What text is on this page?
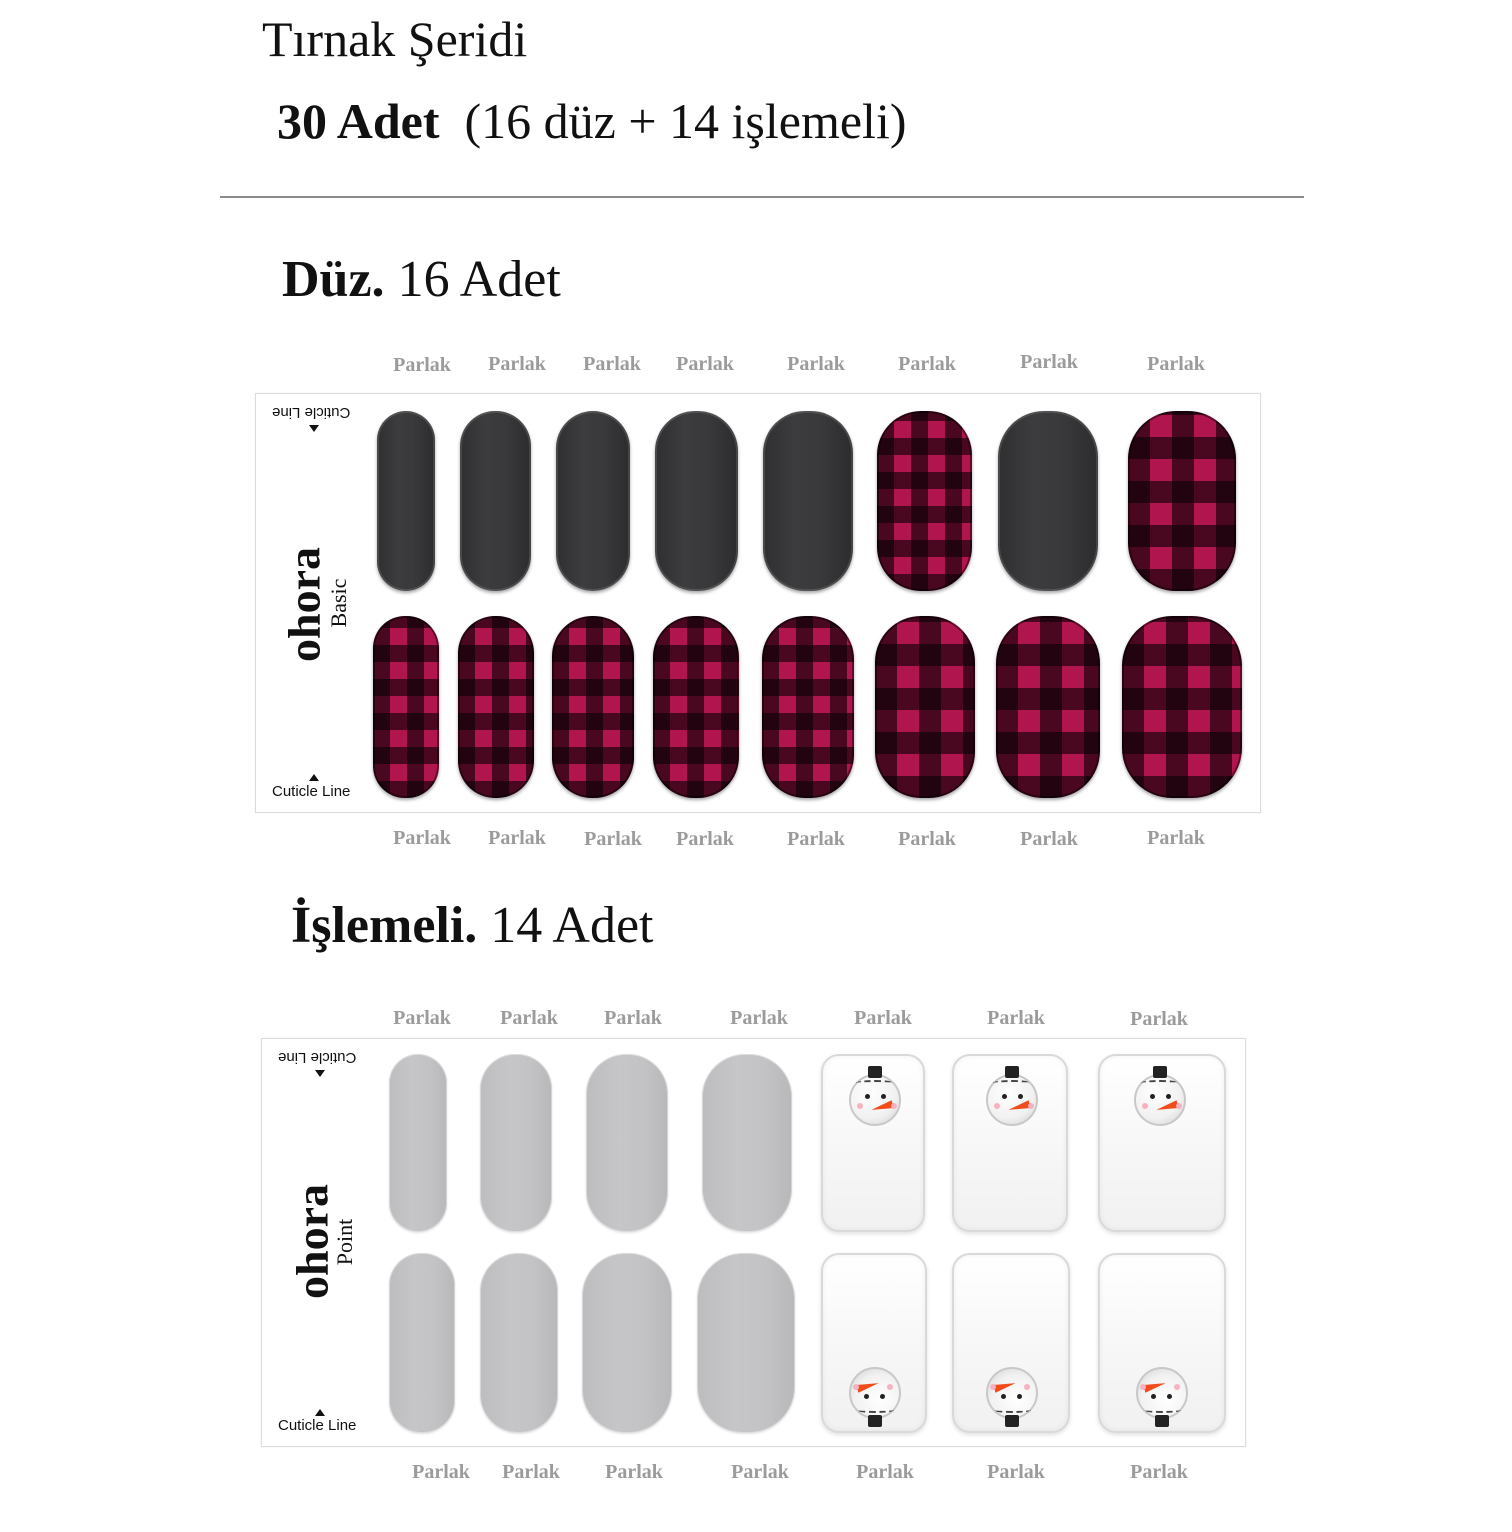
Tırnak Şeridi
30 Adet (16 düz + 14 işlemeli)
Düz. 16 Adet
Parlak Parlak Parlak Parlak	Parlak	Parlak	Parlak	Parlak
Cuticle Line
Cuticle Line
ohora
Basic
Parlak Parlak Parlak Parlak	Parlak	Parlak	Parlak	Parlak
İşlemeli. 14 Adet
Parlak Parlak Parlak	Parlak	Parlak	Parlak	Parlak
Cuticle Line
Cuticle Line
ohora
Point
Parlak Parlak Parlak	Parlak	Parlak	Parlak	Parlak
